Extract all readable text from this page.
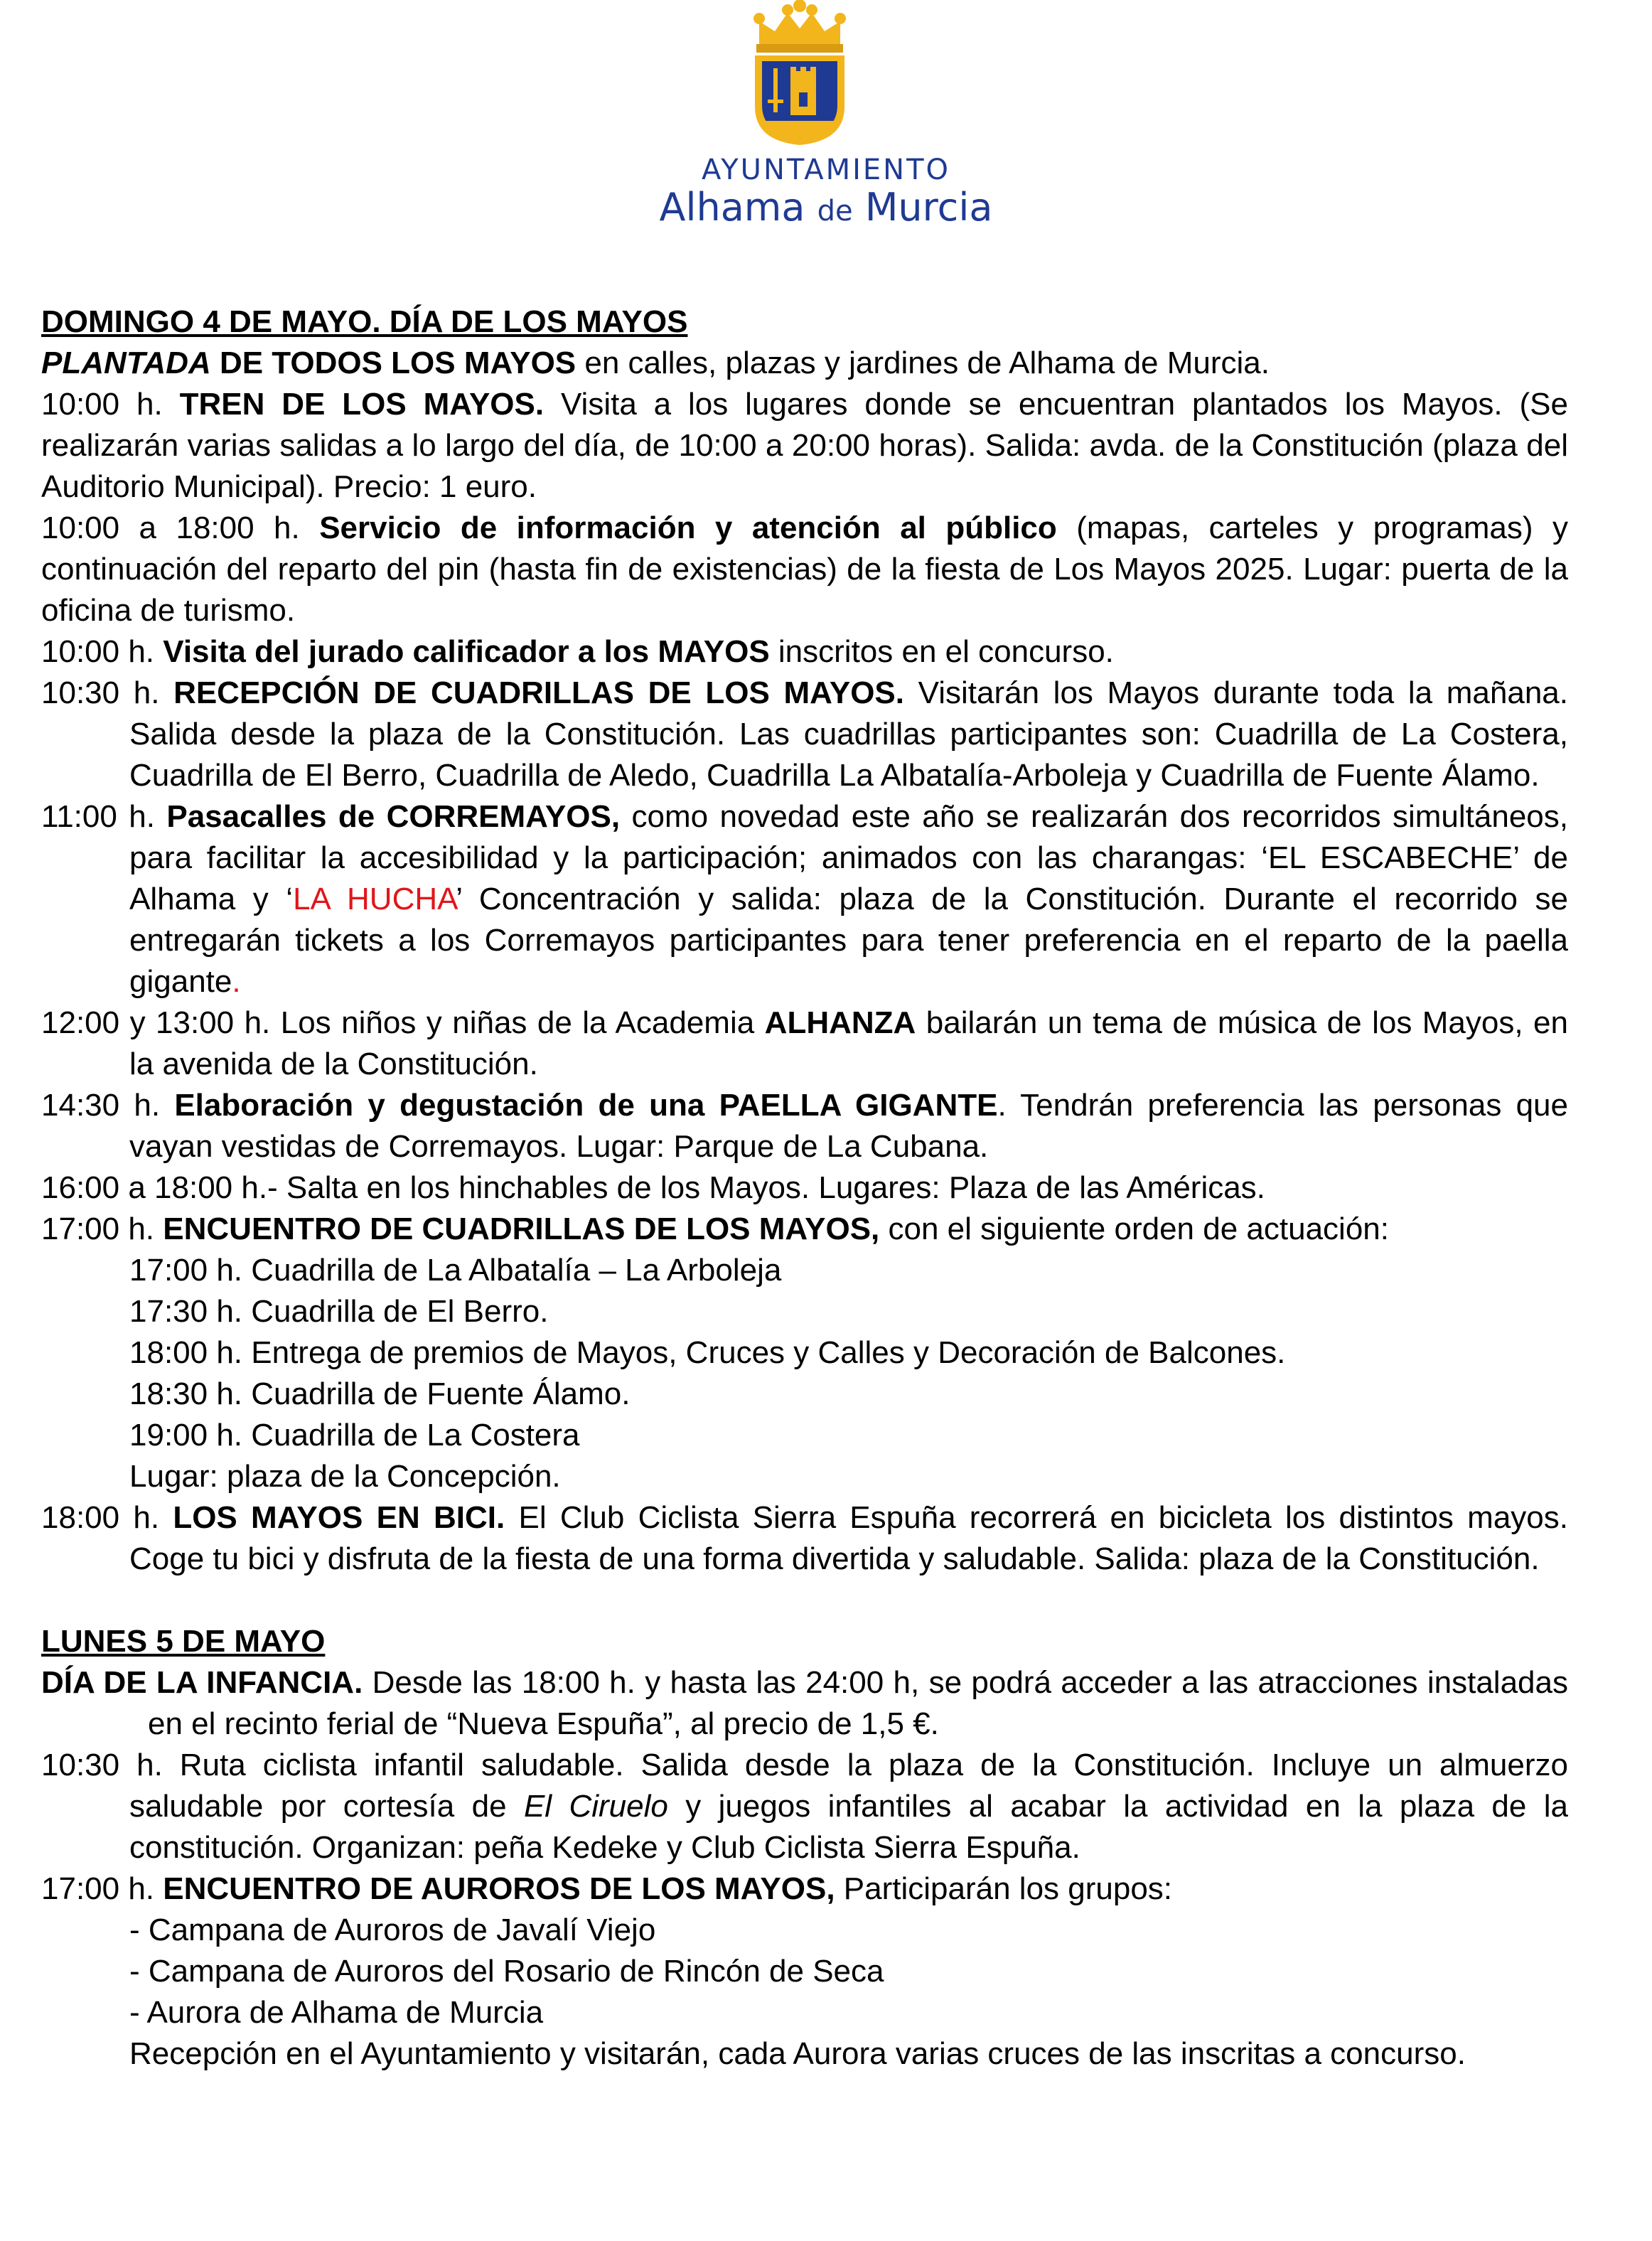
AYUNTAMIENTO
Alhama de Murcia

DOMINGO 4 DE MAYO. DÍA DE LOS MAYOS

PLANTADA DE TODOS LOS MAYOS en calles, plazas y jardines de Alhama de Murcia.

10:00 h. TREN DE LOS MAYOS. Visita a los lugares donde se encuentran plantados los Mayos. (Se realizarán varias salidas a lo largo del día, de 10:00 a 20:00 horas). Salida: avda. de la Constitución (plaza del Auditorio Municipal). Precio: 1 euro.

10:00 a 18:00 h. Servicio de información y atención al público (mapas, carteles y programas) y continuación del reparto del pin (hasta fin de existencias) de la fiesta de Los Mayos 2025. Lugar: puerta de la oficina de turismo.

10:00 h. Visita del jurado calificador a los MAYOS inscritos en el concurso.

10:30 h. RECEPCIÓN DE CUADRILLAS DE LOS MAYOS. Visitarán los Mayos durante toda la mañana. Salida desde la plaza de la Constitución. Las cuadrillas participantes son: Cuadrilla de La Costera, Cuadrilla de El Berro, Cuadrilla de Aledo, Cuadrilla La Albatalía-Arboleja y Cuadrilla de Fuente Álamo.

11:00 h. Pasacalles de CORREMAYOS, como novedad este año se realizarán dos recorridos simultáneos, para facilitar la accesibilidad y la participación; animados con las charangas: ‘EL ESCABECHE’ de Alhama y ‘LA HUCHA’ Concentración y salida: plaza de la Constitución. Durante el recorrido se entregarán tickets a los Corremayos participantes para tener preferencia en el reparto de la paella gigante.

12:00 y 13:00 h. Los niños y niñas de la Academia ALHANZA bailarán un tema de música de los Mayos, en la avenida de la Constitución.

14:30 h. Elaboración y degustación de una PAELLA GIGANTE. Tendrán preferencia las personas que vayan vestidas de Corremayos. Lugar: Parque de La Cubana.

16:00 a 18:00 h.- Salta en los hinchables de los Mayos. Lugares: Plaza de las Américas.

17:00 h. ENCUENTRO DE CUADRILLAS DE LOS MAYOS, con el siguiente orden de actuación:

17:00 h. Cuadrilla de La Albatalía – La Arboleja

17:30 h. Cuadrilla de El Berro.

18:00 h. Entrega de premios de Mayos, Cruces y Calles y Decoración de Balcones.

18:30 h. Cuadrilla de Fuente Álamo.

19:00 h. Cuadrilla de La Costera

Lugar: plaza de la Concepción.

18:00 h. LOS MAYOS EN BICI. El Club Ciclista Sierra Espuña recorrerá en bicicleta los distintos mayos. Coge tu bici y disfruta de la fiesta de una forma divertida y saludable. Salida: plaza de la Constitución.

LUNES 5 DE MAYO

DÍA DE LA INFANCIA. Desde las 18:00 h. y hasta las 24:00 h, se podrá acceder a las atracciones instaladas en el recinto ferial de “Nueva Espuña”, al precio de 1,5 €.

10:30 h. Ruta ciclista infantil saludable. Salida desde la plaza de la Constitución. Incluye un almuerzo saludable por cortesía de El Ciruelo y juegos infantiles al acabar la actividad en la plaza de la constitución. Organizan: peña Kedeke y Club Ciclista Sierra Espuña.

17:00 h. ENCUENTRO DE AUROROS DE LOS MAYOS, Participarán los grupos:

- Campana de Auroros de Javalí Viejo

- Campana de Auroros del Rosario de Rincón de Seca

- Aurora de Alhama de Murcia

Recepción en el Ayuntamiento y visitarán, cada Aurora varias cruces de las inscritas a concurso.
